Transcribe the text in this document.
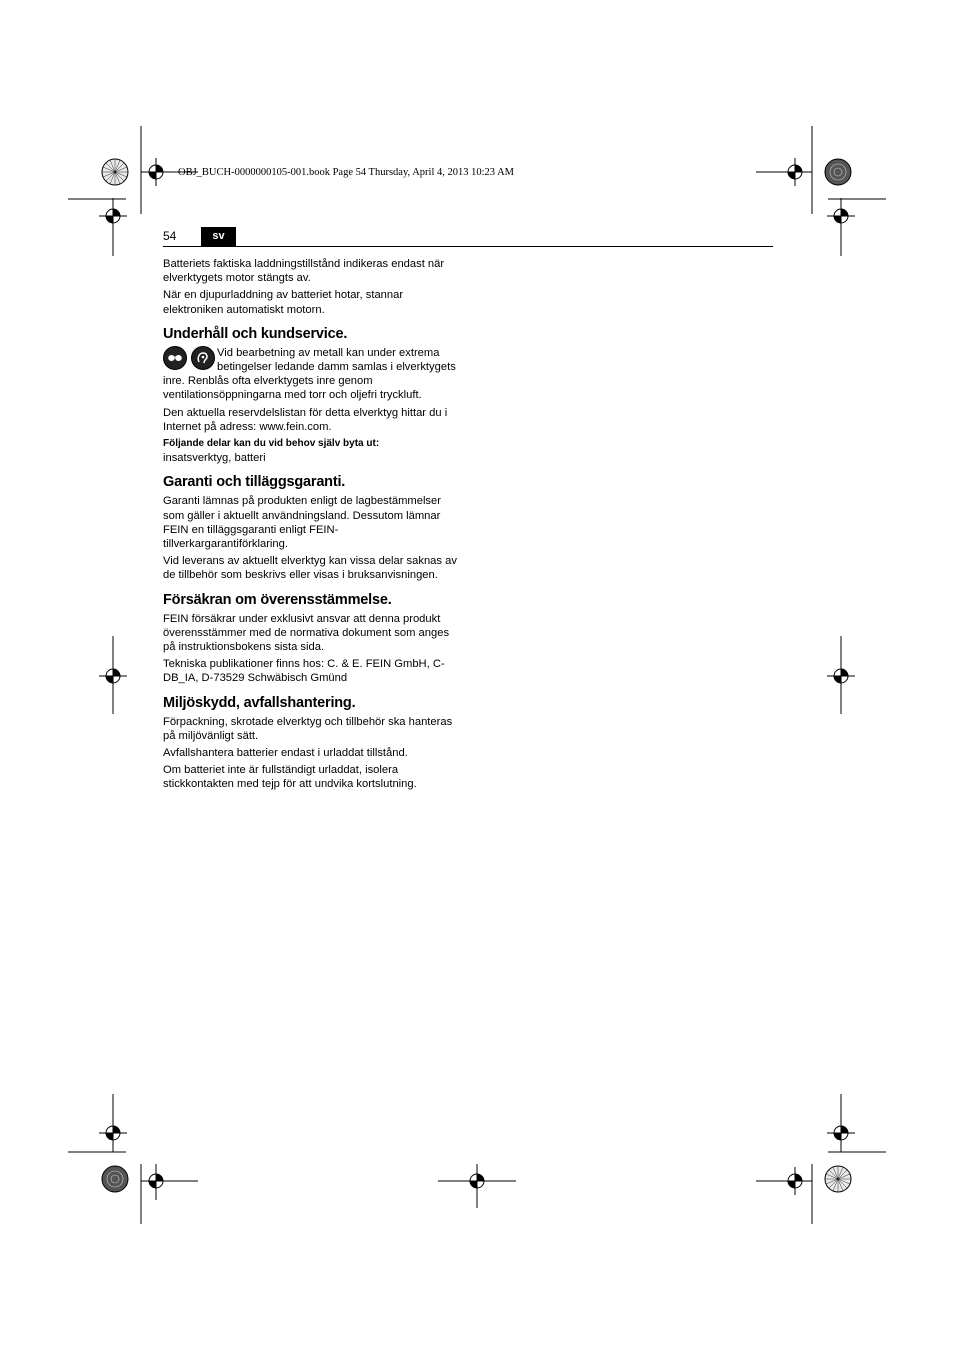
OBJ_BUCH-0000000105-001.book Page 54 Thursday, April 4, 2013 10:23 AM
54	sv

Batteriets faktiska laddningstillstånd indikeras endast när elverktygets motor stängts av.

När en djupurladdning av batteriet hotar, stannar elektroniken automatiskt motorn.

Underhåll och kundservice.

Vid bearbetning av metall kan under extrema betingelser ledande damm samlas i elverktygets inre. Renblås ofta elverktygets inre genom ventilationsöppningarna med torr och oljefri tryckluft.

Den aktuella reservdelslistan för detta elverktyg hittar du i Internet på adress: www.fein.com.

Följande delar kan du vid behov själv byta ut:

insatsverktyg, batteri

Garanti och tilläggsgaranti.

Garanti lämnas på produkten enligt de lagbestämmelser som gäller i aktuellt användningsland. Dessutom lämnar FEIN en tilläggsgaranti enligt FEIN-tillverkargarantiförklaring.

Vid leverans av aktuellt elverktyg kan vissa delar saknas av de tillbehör som beskrivs eller visas i bruksanvisningen.

Försäkran om överensstämmelse.

FEIN försäkrar under exklusivt ansvar att denna produkt överensstämmer med de normativa dokument som anges på instruktionsbokens sista sida.

Tekniska publikationer finns hos: C. & E. FEIN GmbH, C-DB_IA, D-73529 Schwäbisch Gmünd

Miljöskydd, avfallshantering.

Förpackning, skrotade elverktyg och tillbehör ska hanteras på miljövänligt sätt.

Avfallshantera batterier endast i urladdat tillstånd.

Om batteriet inte är fullständigt urladdat, isolera stickkontakten med tejp för att undvika kortslutning.
